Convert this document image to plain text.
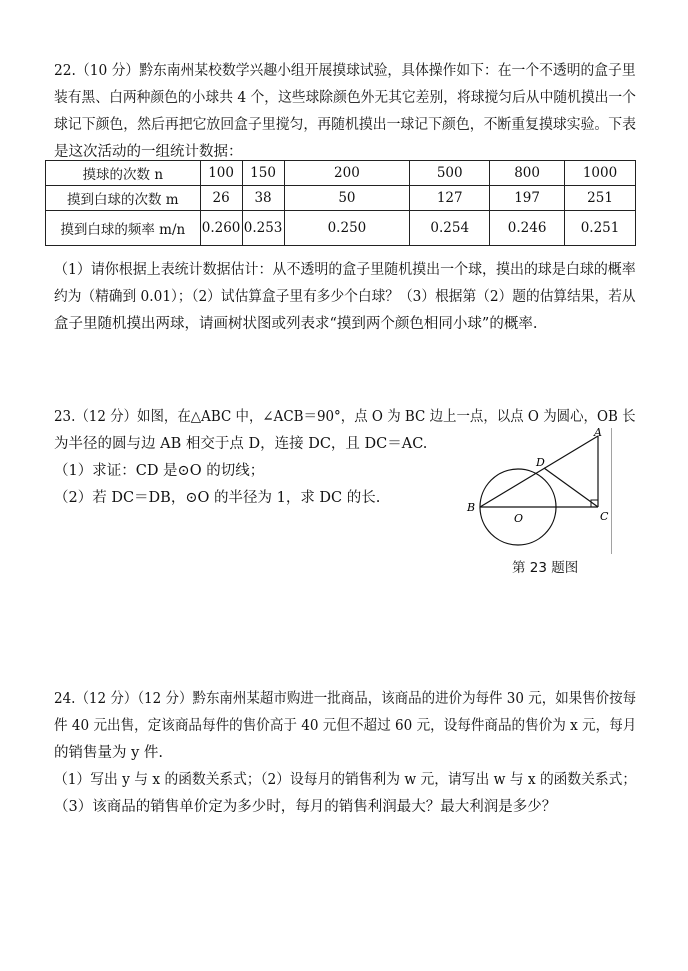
22.（10 分）黔东南州某校数学兴趣小组开展摸球试验，具体操作如下：在一个不透明的盒子里
装有黑、白两种颜色的小球共 4 个，这些球除颜色外无其它差别，将球搅匀后从中随机摸出一个
球记下颜色，然后再把它放回盒子里搅匀，再随机摸出一球记下颜色，不断重复摸球实验。下表
是这次活动的一组统计数据：
摸球的次数 n	100	150	200	500	800	1000
摸到白球的次数 m	26	38	50	127	197	251
摸到白球的频率 m/n	0.260	0.253	0.250	0.254	0.246	0.251
（1）请你根据上表统计数据估计：从不透明的盒子里随机摸出一个球，摸出的球是白球的概率
约为（精确到 0.01）；（2）试估算盒子里有多少个白球？（3）根据第（2）题的估算结果，若从
盒子里随机摸出两球，请画树状图或列表求“摸到两个颜色相同小球”的概率.
23.（12 分）如图，在△ABC 中，∠ACB＝90°，点 O 为 BC 边上一点，以点 O 为圆心，OB 长
为半径的圆与边 AB 相交于点 D，连接 DC，且 DC＝AC.
（1）求证：CD 是⊙O 的切线；
（2）若 DC＝DB，⊙O 的半径为 1，求 DC 的长.
A
D
B
O	C
第 23 题图
24.（12 分）（12 分）黔东南州某超市购进一批商品，该商品的进价为每件 30 元，如果售价按每
件 40 元出售，定该商品每件的售价高于 40 元但不超过 60 元，设每件商品的售价为 x 元，每月
的销售量为 y 件.
（1）写出 y 与 x 的函数关系式；（2）设每月的销售利为 w 元，请写出 w 与 x 的函数关系式；
（3）该商品的销售单价定为多少时，每月的销售利润最大？最大利润是多少？
